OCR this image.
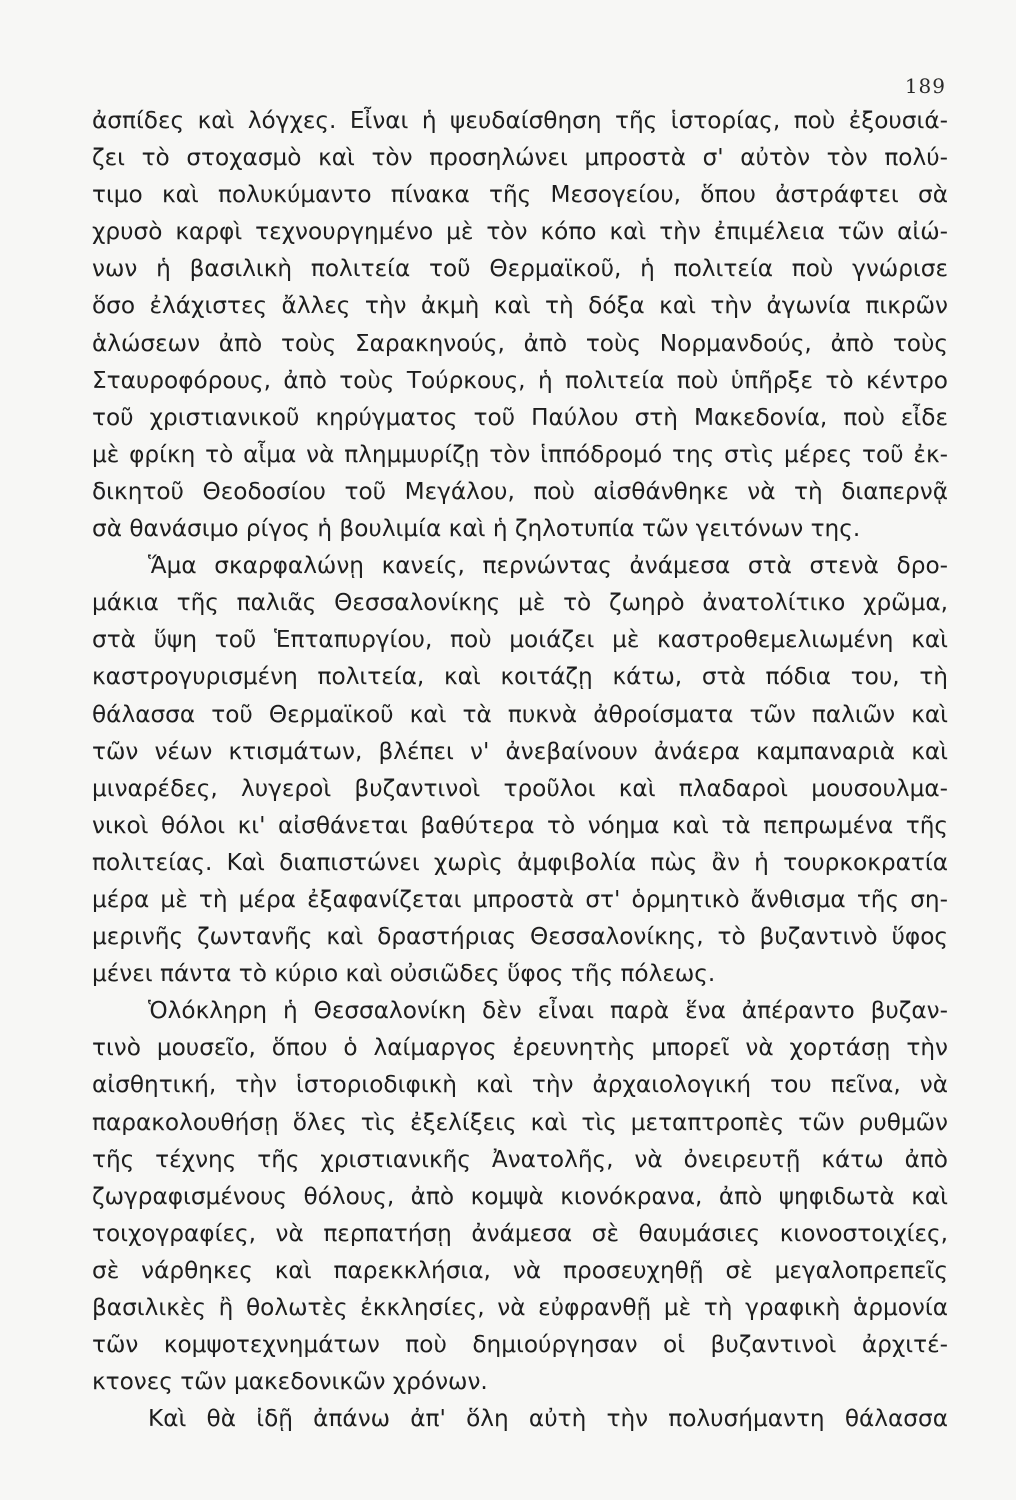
189
ἀσπίδες καὶ λόγχες. Εἶναι ἡ ψευδαίσθηση τῆς ἱστορίας, ποὺ ἐξουσιά-
ζει τὸ στοχασμὸ καὶ τὸν προσηλώνει μπροστὰ σ' αὐτὸν τὸν πολύ-
τιμο καὶ πολυκύμαντο πίνακα τῆς Μεσογείου, ὅπου ἀστράφτει σὰ
χρυσὸ καρφὶ τεχνουργημένο μὲ τὸν κόπο καὶ τὴν ἐπιμέλεια τῶν αἰώ-
νων ἡ βασιλικὴ πολιτεία τοῦ Θερμαϊκοῦ, ἡ πολιτεία ποὺ γνώρισε
ὅσο ἐλάχιστες ἄλλες τὴν ἀκμὴ καὶ τὴ δόξα καὶ τὴν ἀγωνία πικρῶν
ἁλώσεων ἀπὸ τοὺς Σαρακηνούς, ἀπὸ τοὺς Νορμανδούς, ἀπὸ τοὺς
Σταυροφόρους, ἀπὸ τοὺς Τούρκους, ἡ πολιτεία ποὺ ὑπῆρξε τὸ κέντρο
τοῦ χριστιανικοῦ κηρύγματος τοῦ Παύλου στὴ Μακεδονία, ποὺ εἶδε
μὲ φρίκη τὸ αἷμα νὰ πλημμυρίζῃ τὸν ἱππόδρομό της στὶς μέρες τοῦ ἐκ-
δικητοῦ Θεοδοσίου τοῦ Μεγάλου, ποὺ αἰσθάνθηκε νὰ τὴ διαπερνᾷ
σὰ θανάσιμο ρίγος ἡ βουλιμία καὶ ἡ ζηλοτυπία τῶν γειτόνων της.
Ἅμα σκαρφαλώνῃ κανείς, περνώντας ἀνάμεσα στὰ στενὰ δρο-
μάκια τῆς παλιᾶς Θεσσαλονίκης μὲ τὸ ζωηρὸ ἀνατολίτικο χρῶμα,
στὰ ὕψη τοῦ Ἑπταπυργίου, ποὺ μοιάζει μὲ καστροθεμελιωμένη καὶ
καστρογυρισμένη πολιτεία, καὶ κοιτάζῃ κάτω, στὰ πόδια του, τὴ
θάλασσα τοῦ Θερμαϊκοῦ καὶ τὰ πυκνὰ ἀθροίσματα τῶν παλιῶν καὶ
τῶν νέων κτισμάτων, βλέπει ν' ἀνεβαίνουν ἀνάερα καμπαναριὰ καὶ
μιναρέδες, λυγεροὶ βυζαντινοὶ τροῦλοι καὶ πλαδαροὶ μουσουλμα-
νικοὶ θόλοι κι' αἰσθάνεται βαθύτερα τὸ νόημα καὶ τὰ πεπρωμένα τῆς
πολιτείας. Καὶ διαπιστώνει χωρὶς ἀμφιβολία πὼς ἂν ἡ τουρκοκρατία
μέρα μὲ τὴ μέρα ἐξαφανίζεται μπροστὰ στ' ὁρμητικὸ ἄνθισμα τῆς ση-
μερινῆς ζωντανῆς καὶ δραστήριας Θεσσαλονίκης, τὸ βυζαντινὸ ὕφος
μένει πάντα τὸ κύριο καὶ οὐσιῶδες ὕφος τῆς πόλεως.
Ὁλόκληρη ἡ Θεσσαλονίκη δὲν εἶναι παρὰ ἕνα ἀπέραντο βυζαν-
τινὸ μουσεῖο, ὅπου ὁ λαίμαργος ἐρευνητὴς μπορεῖ νὰ χορτάσῃ τὴν
αἰσθητική, τὴν ἱστοριοδιφικὴ καὶ τὴν ἀρχαιολογική του πεῖνα, νὰ
παρακολουθήσῃ ὅλες τὶς ἐξελίξεις καὶ τὶς μεταπτροπὲς τῶν ρυθμῶν
τῆς τέχνης τῆς χριστιανικῆς Ἀνατολῆς, νὰ ὀνειρευτῇ κάτω ἀπὸ
ζωγραφισμένους θόλους, ἀπὸ κομψὰ κιονόκρανα, ἀπὸ ψηφιδωτὰ καὶ
τοιχογραφίες, νὰ περπατήσῃ ἀνάμεσα σὲ θαυμάσιες κιονοστοιχίες,
σὲ νάρθηκες καὶ παρεκκλήσια, νὰ προσευχηθῇ σὲ μεγαλοπρεπεῖς
βασιλικὲς ἢ θολωτὲς ἐκκλησίες, νὰ εὐφρανθῇ μὲ τὴ γραφικὴ ἁρμονία
τῶν κομψοτεχνημάτων ποὺ δημιούργησαν οἱ βυζαντινοὶ ἀρχιτέ-
κτονες τῶν μακεδονικῶν χρόνων.
Καὶ θὰ ἰδῇ ἀπάνω ἀπ' ὅλη αὐτὴ τὴν πολυσήμαντη θάλασσα
